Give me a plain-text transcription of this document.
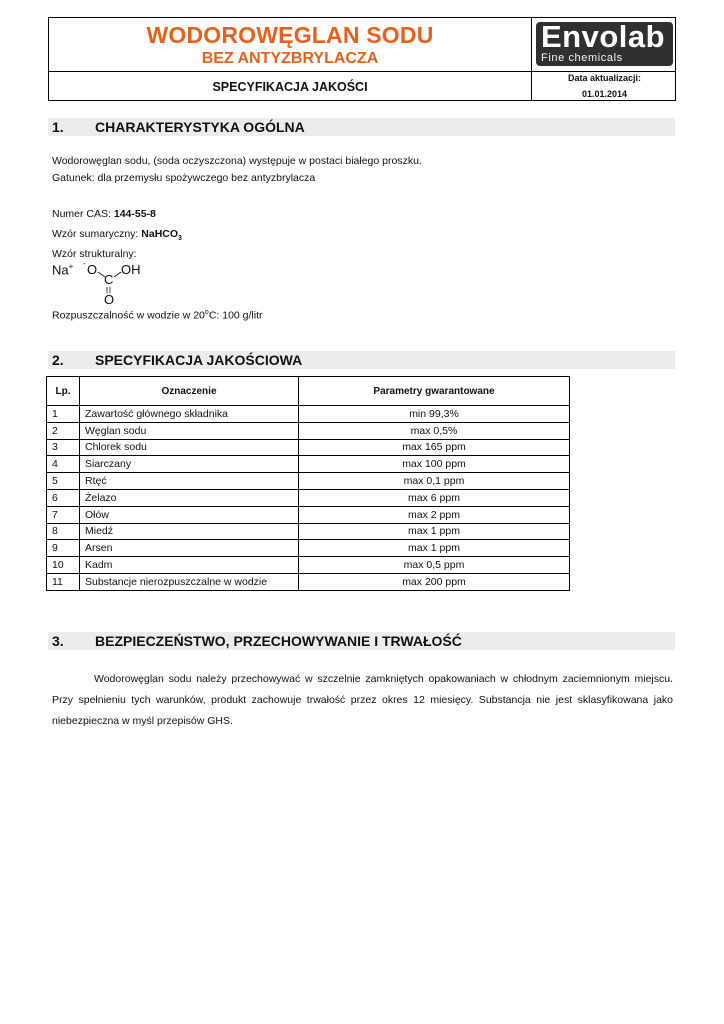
WODOROWĘGLAN SODU
BEZ ANTYZBRYLACZA
SPECYFIKACJA JAKOŚCI
Envolab
Fine chemicals
Data aktualizacji:
01.01.2014
1. CHARAKTERYSTYKA OGÓLNA
Wodorowęglan sodu, (soda oczyszczona) występuje w postaci białego proszku.
Gatunek: dla przemysłu spożywczego bez antyzbrylacza
Numer CAS: 144-55-8
Wzór sumaryczny: NaHCO$_3$
Wzór strukturalny:
Na+ - O OH
C
O
Rozpuszczalność w wodzie w 20$^o$C: 100 g/litr
2. SPECYFIKACJA JAKOŚCIOWA
Lp.	Oznaczenie	Parametry gwarantowane
1	Zawartość głównego składnika	min 99,3%
2	Węglan sodu	max 0,5%
3	Chlorek sodu	max 165 ppm
4	Siarczany	max 100 ppm
5	Rtęć	max 0,1 ppm
6	Żelazo	max 6 ppm
7	Ołów	max 2 ppm
8	Miedź	max 1 ppm
9	Arsen	max 1 ppm
10	Kadm	max 0,5 ppm
11	Substancje nierozpuszczalne w wodzie	max 200 ppm
3. BEZPIECZEŃSTWO, PRZECHOWYWANIE I TRWAŁOŚĆ
Wodorowęglan sodu należy przechowywać w szczelnie zamkniętych opakowaniach w chłodnym zaciemnionym miejscu. Przy spełnieniu tych warunków, produkt zachowuje trwałość przez okres 12 miesięcy. Substancja nie jest sklasyfikowana jako niebezpieczna w myśl przepisów GHS.
